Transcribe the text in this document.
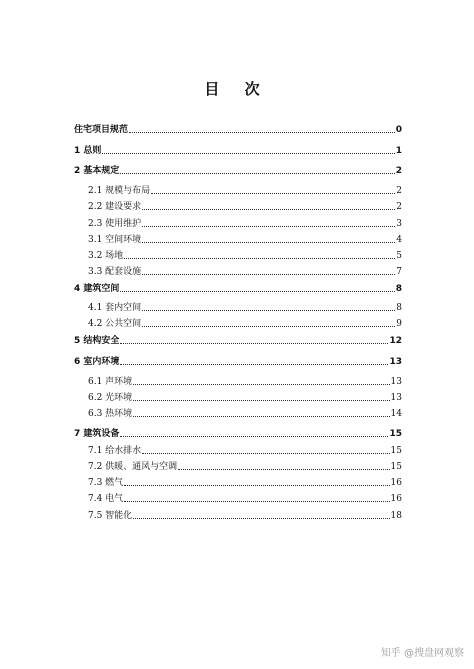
目 次
住宅项目规范	0
1 总则	1
2 基本规定	2
2.1 规模与布局	2
2.2 建设要求	2
2.3 使用维护	3
3.1 空间环境	4
3.2 场地	5
3.3 配套设施	7
4 建筑空间	8
4.1 套内空间	8
4.2 公共空间	9
5 结构安全	12
6 室内环境	13
6.1 声环境	13
6.2 光环境	13
6.3 热环境	14
7 建筑设备	15
7.1 给水排水	15
7.2 供暖、通风与空调	15
7.3 燃气	16
7.4 电气	16
7.5 智能化	18
知乎 @搜盘网观察
